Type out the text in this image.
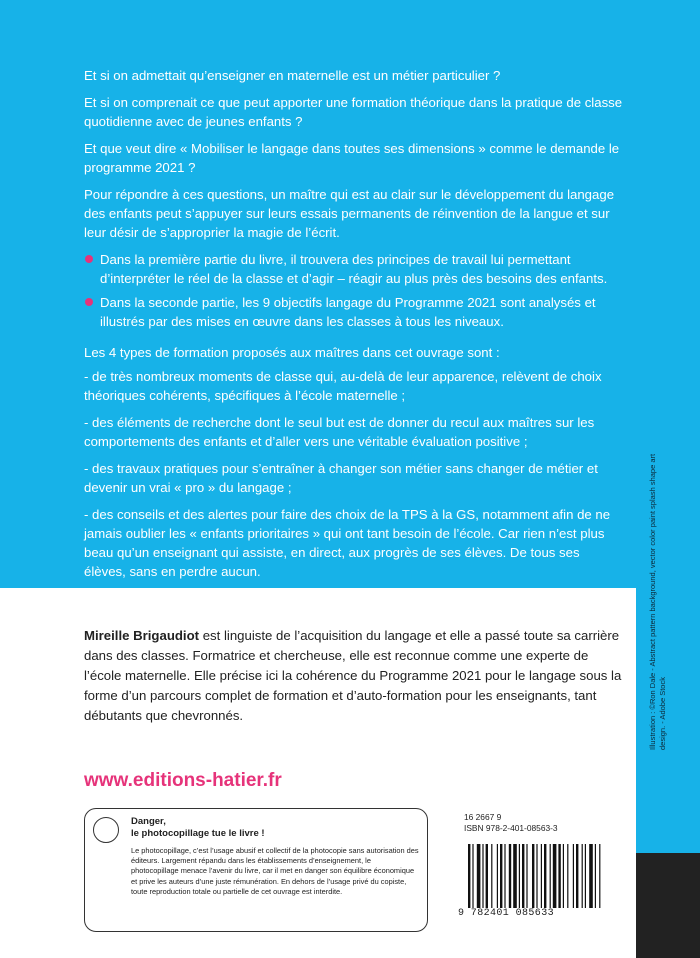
Illustration : ©Ron Dale - Abstract pattern background, vector color paint splash shape art design. - Adobe Stock

Et si on admettait qu’enseigner en maternelle est un métier particulier ?

Et si on comprenait ce que peut apporter une formation théorique dans la pratique de classe quotidienne avec de jeunes enfants ?

Et que veut dire « Mobiliser le langage dans toutes ses dimensions » comme le demande le programme 2021 ?

Pour répondre à ces questions, un maître qui est au clair sur le développement du langage des enfants peut s’appuyer sur leurs essais permanents de réinvention de la langue et sur leur désir de s’approprier la magie de l’écrit.

Dans la première partie du livre, il trouvera des principes de travail lui permettant d’interpréter le réel de la classe et d’agir – réagir au plus près des besoins des enfants.
Dans la seconde partie, les 9 objectifs langage du Programme 2021 sont analysés et illustrés par des mises en œuvre dans les classes à tous les niveaux.

Les 4 types de formation proposés aux maîtres dans cet ouvrage sont :

- de très nombreux moments de classe qui, au-delà de leur apparence, relèvent de choix théoriques cohérents, spécifiques à l’école maternelle ;

- des éléments de recherche dont le seul but est de donner du recul aux maîtres sur les comportements des enfants et d’aller vers une véritable évaluation positive ;

- des travaux pratiques pour s’entraîner à changer son métier sans changer de métier et devenir un vrai « pro » du langage ;

- des conseils et des alertes pour faire des choix de la TPS à la GS, notamment afin de ne jamais oublier les « enfants prioritaires » qui ont tant besoin de l’école. Car rien n’est plus beau qu’un enseignant qui assiste, en direct, aux progrès de ses élèves. De tous ses élèves, sans en perdre aucun.

Mireille Brigaudiot est linguiste de l’acquisition du langage et elle a passé toute sa carrière dans des classes. Formatrice et chercheuse, elle est reconnue comme une experte de l’école maternelle. Elle précise ici la cohérence du Programme 2021 pour le langage sous la forme d’un parcours complet de formation et d’auto-formation pour les enseignants, tant débutants que chevronnés.

www.editions-hatier.fr
Danger,
le photocopillage tue le livre !

Le photocopillage, c’est l’usage abusif et collectif de la photocopie sans autorisation des éditeurs. Largement répandu dans les établissements d’enseignement, le photocopillage menace l’avenir du livre, car il met en danger son équilibre économique et prive les auteurs d’une juste rémunération. En dehors de l’usage privé du copiste, toute reproduction totale ou partielle de cet ouvrage est interdite.

16 2667 9
ISBN 978-2-401-08563-3
9 782401 085633
